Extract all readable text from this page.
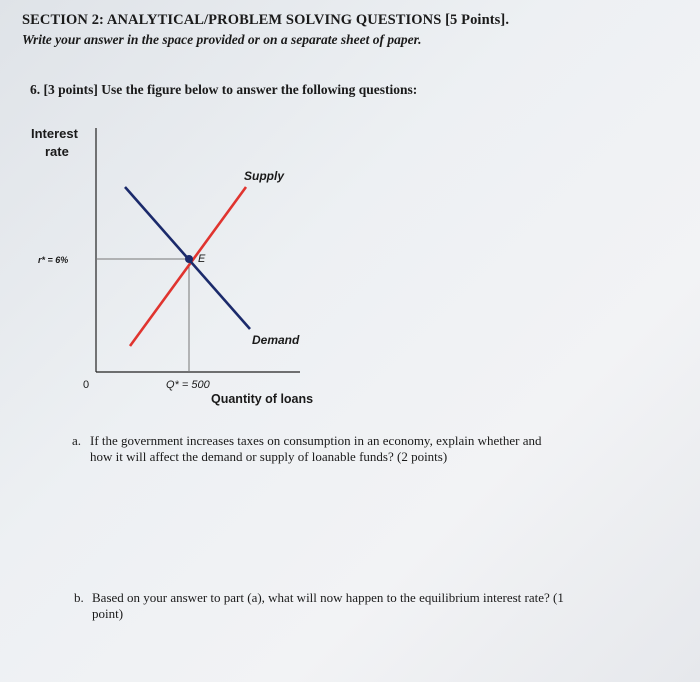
SECTION 2: ANALYTICAL/PROBLEM SOLVING QUESTIONS [5 Points].
Write your answer in the space provided or on a separate sheet of paper.
6. [3 points] Use the figure below to answer the following questions:
Interest
rate
r* = 6%	E
Supply
Demand
0	Q* = 500
Quantity of loans
a. If the government increases taxes on consumption in an economy, explain whether and
how it will affect the demand or supply of loanable funds? (2 points)
b. Based on your answer to part (a), what will now happen to the equilibrium interest rate? (1
point)
